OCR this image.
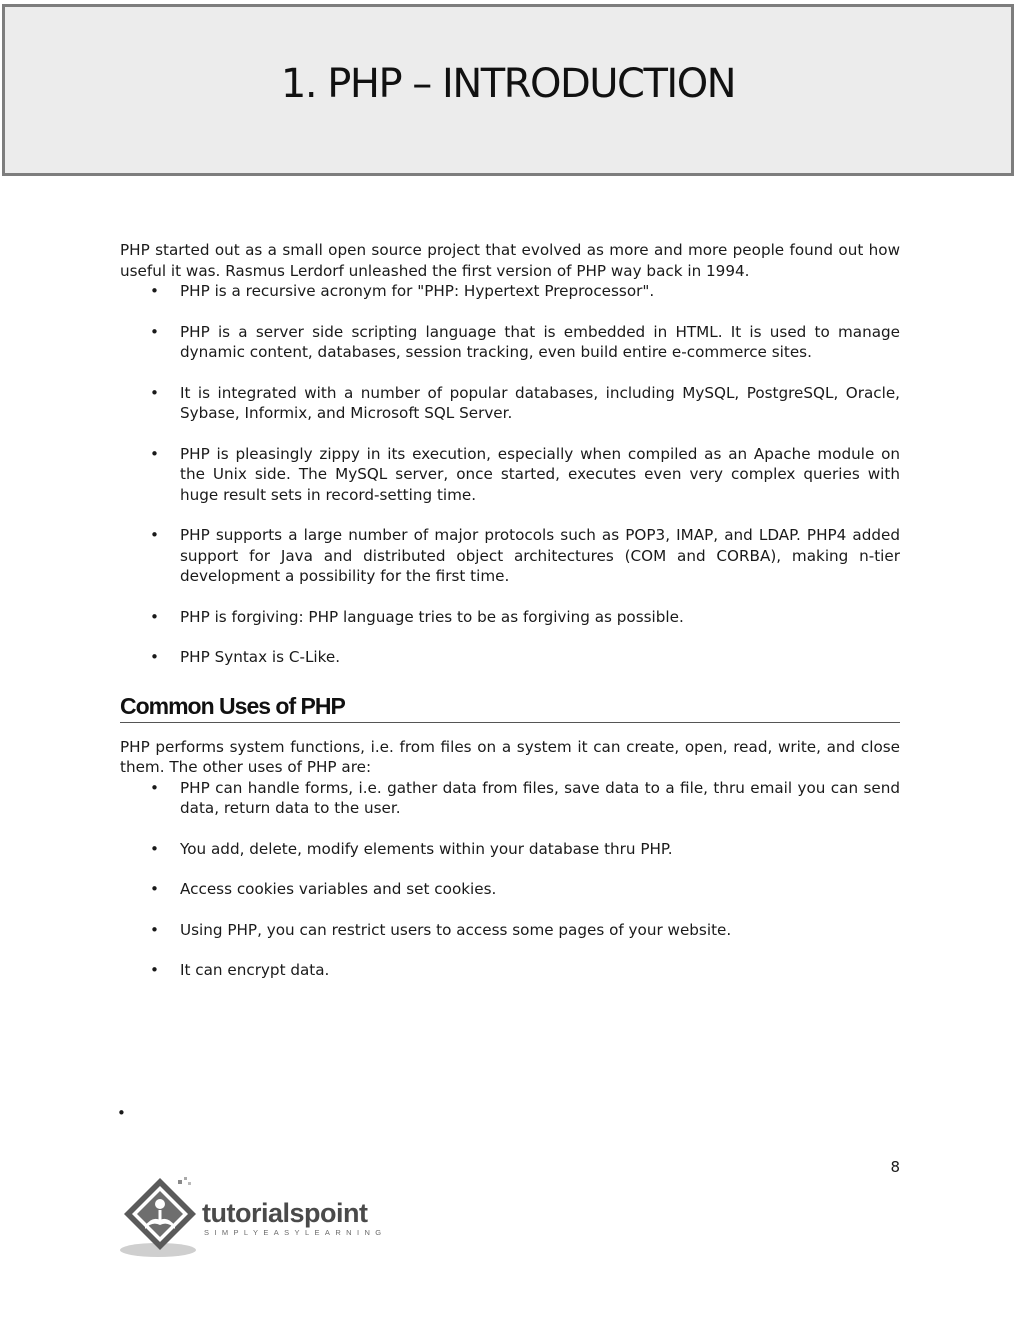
1. PHP – INTRODUCTION

PHP started out as a small open source project that evolved as more and more people found out how useful it was. Rasmus Lerdorf unleashed the first version of PHP way back in 1994.

• PHP is a recursive acronym for "PHP: Hypertext Preprocessor".
• PHP is a server side scripting language that is embedded in HTML. It is used to manage dynamic content, databases, session tracking, even build entire e-commerce sites.
• It is integrated with a number of popular databases, including MySQL, PostgreSQL, Oracle, Sybase, Informix, and Microsoft SQL Server.
• PHP is pleasingly zippy in its execution, especially when compiled as an Apache module on the Unix side. The MySQL server, once started, executes even very complex queries with huge result sets in record-setting time.
• PHP supports a large number of major protocols such as POP3, IMAP, and LDAP. PHP4 added support for Java and distributed object architectures (COM and CORBA), making n-tier development a possibility for the first time.
• PHP is forgiving: PHP language tries to be as forgiving as possible.
• PHP Syntax is C-Like.
Common Uses of PHP

PHP performs system functions, i.e. from files on a system it can create, open, read, write, and close them. The other uses of PHP are:

• PHP can handle forms, i.e. gather data from files, save data to a file, thru email you can send data, return data to the user.
• You add, delete, modify elements within your database thru PHP.
• Access cookies variables and set cookies.
• Using PHP, you can restrict users to access some pages of your website.
• It can encrypt data.
•
8
tutorialspoint
SIMPLYEASYLEARNING
